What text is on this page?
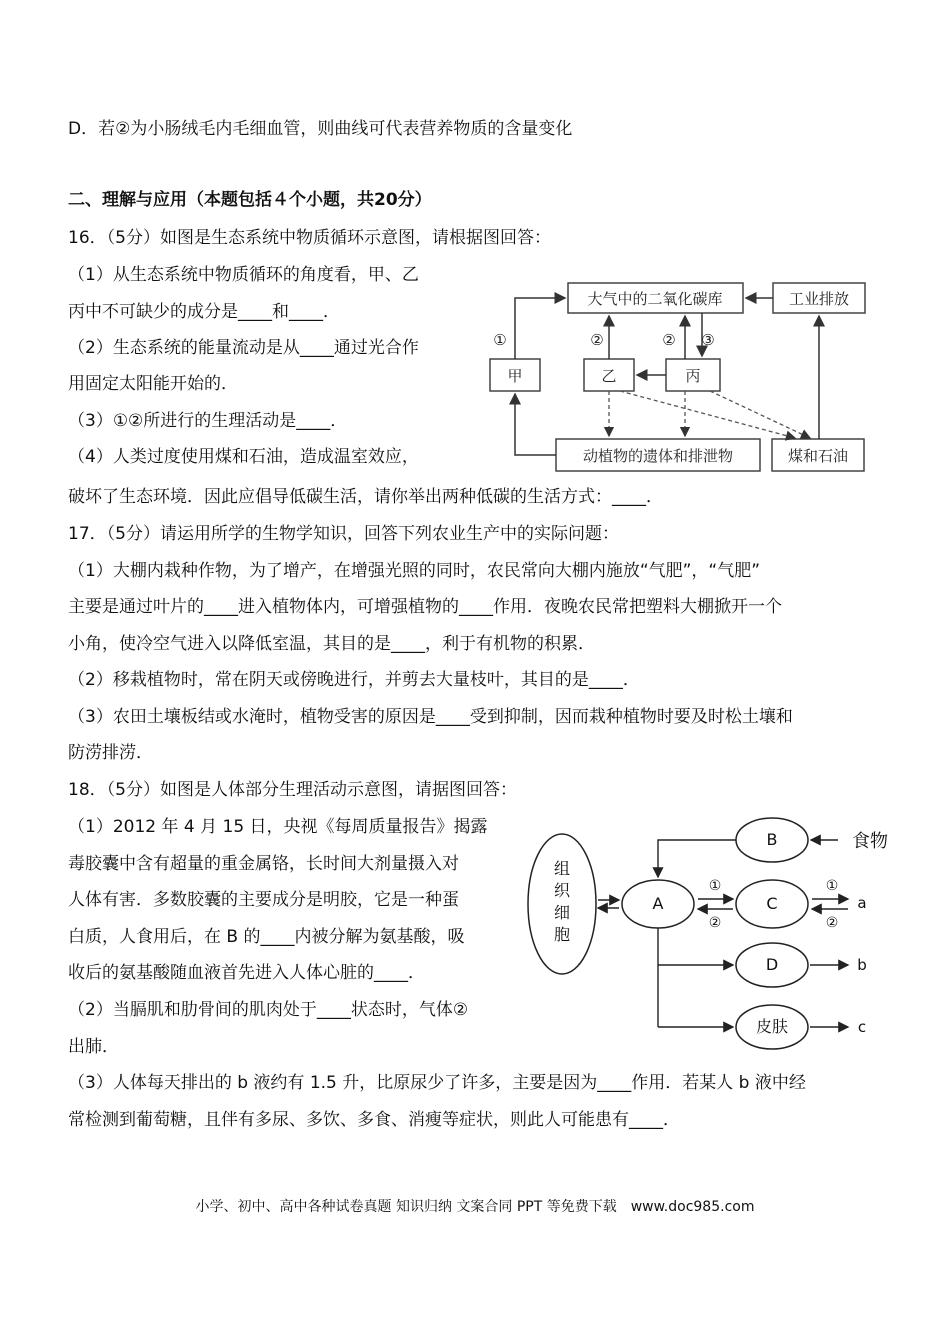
D．若②为小肠绒毛内毛细血管，则曲线可代表营养物质的含量变化
二、理解与应用（本题包括４个小题，共20分）
16．（5分）如图是生态系统中物质循环示意图，请根据图回答：
（1）从生态系统中物质循环的角度看，甲、乙
丙中不可缺少的成分是____和____．
（2）生态系统的能量流动是从____通过光合作
用固定太阳能开始的．
（3）①②所进行的生理活动是____．
（4）人类过度使用煤和石油，造成温室效应，
破坏了生态环境．因此应倡导低碳生活，请你举出两种低碳的生活方式：____．
大气中的二氧化碳库	工业排放
甲	乙	丙
动植物的遗体和排泄物	煤和石油
①	②	② ③
17．（5分）请运用所学的生物学知识，回答下列农业生产中的实际问题：
（1）大棚内栽种作物，为了增产，在增强光照的同时，农民常向大棚内施放“气肥”，“气肥”
主要是通过叶片的____进入植物体内，可增强植物的____作用．夜晚农民常把塑料大棚掀开一个
小角，使冷空气进入以降低室温，其目的是____，利于有机物的积累．
（2）移栽植物时，常在阴天或傍晚进行，并剪去大量枝叶，其目的是____．
（3）农田土壤板结或水淹时，植物受害的原因是____受到抑制，因而栽种植物时要及时松土壤和
防涝排涝．
18．（5分）如图是人体部分生理活动示意图，请据图回答：
（1）2012 年 4 月 15 日，央视《每周质量报告》揭露
毒胶囊中含有超量的重金属铬，长时间大剂量摄入对
人体有害．多数胶囊的主要成分是明胶，它是一种蛋
白质，人食用后，在 B 的____内被分解为氨基酸，吸
收后的氨基酸随血液首先进入人体心脏的____．
（2）当膈肌和肋骨间的肌肉处于____状态时，气体②
出肺．
（3）人体每天排出的 b 液约有 1.5 升，比原尿少了许多，主要是因为____作用．若某人 b 液中经
常检测到葡萄糖，且伴有多尿、多饮、多食、消瘦等症状，则此人可能患有____．
组
织
细
胞
A
B
C
D
皮肤
食物
①
②
①
②
a
b
c
小学、初中、高中各种试卷真题 知识归纳 文案合同 PPT 等免费下载　www.doc985.com
